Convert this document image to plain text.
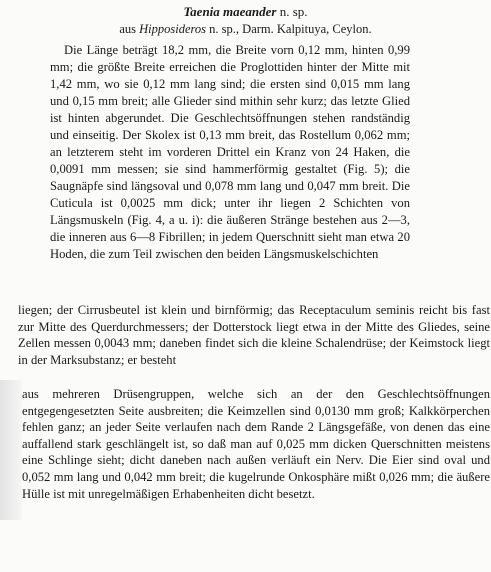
Taenia maeander n. sp.
aus Hipposideros n. sp., Darm. Kalpituya, Ceylon.

Die Länge beträgt 18,2 mm, die Breite vorn 0,12 mm, hinten 0,99 mm; die größte Breite erreichen die Proglottiden hinter der Mitte mit 1,42 mm, wo sie 0,12 mm lang sind; die ersten sind 0,015 mm lang und 0,15 mm breit; alle Glieder sind mithin sehr kurz; das letzte Glied ist hinten abgerundet. Die Geschlechtsöffnungen stehen randständig und einseitig. Der Skolex ist 0,13 mm breit, das Rostellum 0,062 mm; an letzterem steht im vorderen Drittel ein Kranz von 24 Haken, die 0,0091 mm messen; sie sind hammerförmig gestaltet (Fig. 5); die Saugnäpfe sind längsoval und 0,078 mm lang und 0,047 mm breit. Die Cuticula ist 0,0025 mm dick; unter ihr liegen 2 Schichten von Längsmuskeln (Fig. 4, a u. i): die äußeren Stränge bestehen aus 2—3, die inneren aus 6—8 Fibrillen; in jedem Querschnitt sieht man etwa 20 Hoden, die zum Teil zwischen den beiden Längsmuskelschichten

liegen; der Cirrusbeutel ist klein und birnförmig; das Receptaculum seminis reicht bis fast zur Mitte des Querdurchmessers; der Dotterstock liegt etwa in der Mitte des Gliedes, seine Zellen messen 0,0043 mm; daneben findet sich die kleine Schalendrüse; der Keimstock liegt in der Marksubstanz; er besteht

aus mehreren Drüsengruppen, welche sich an der den Geschlechtsöffnungen entgegengesetzten Seite ausbreiten; die Keimzellen sind 0,0130 mm groß; Kalkkörperchen fehlen ganz; an jeder Seite verlaufen nach dem Rande 2 Längsgefäße, von denen das eine auffallend stark geschlängelt ist, so daß man auf 0,025 mm dicken Querschnitten meistens eine Schlinge sieht; dicht daneben nach außen verläuft ein Nerv. Die Eier sind oval und 0,052 mm lang und 0,042 mm breit; die kugelrunde Onkosphäre mißt 0,026 mm; die äußere Hülle ist mit unregelmäßigen Erhabenheiten dicht besetzt.
